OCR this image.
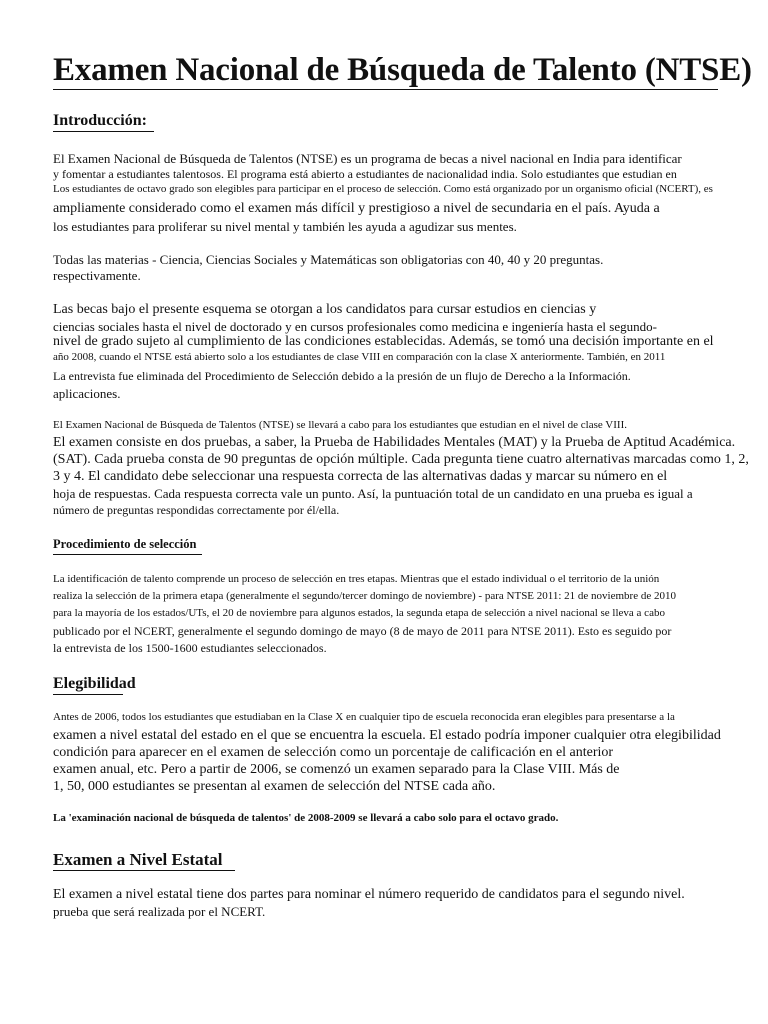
Examen Nacional de Búsqueda de Talento (NTSE)
Introducción:
El Examen Nacional de Búsqueda de Talentos (NTSE) es un programa de becas a nivel nacional en India para identificar
y fomentar a estudiantes talentosos. El programa está abierto a estudiantes de nacionalidad india. Solo estudiantes que estudian en
Los estudiantes de octavo grado son elegibles para participar en el proceso de selección. Como está organizado por un organismo oficial (NCERT), es
ampliamente considerado como el examen más difícil y prestigioso a nivel de secundaria en el país. Ayuda a
los estudiantes para proliferar su nivel mental y también les ayuda a agudizar sus mentes.
Todas las materias - Ciencia, Ciencias Sociales y Matemáticas son obligatorias con 40, 40 y 20 preguntas.
respectivamente.
Las becas bajo el presente esquema se otorgan a los candidatos para cursar estudios en ciencias y
ciencias sociales hasta el nivel de doctorado y en cursos profesionales como medicina e ingeniería hasta el segundo-
nivel de grado sujeto al cumplimiento de las condiciones establecidas. Además, se tomó una decisión importante en el
año 2008, cuando el NTSE está abierto solo a los estudiantes de clase VIII en comparación con la clase X anteriormente. También, en 2011
La entrevista fue eliminada del Procedimiento de Selección debido a la presión de un flujo de Derecho a la Información.
aplicaciones.
El Examen Nacional de Búsqueda de Talentos (NTSE) se llevará a cabo para los estudiantes que estudian en el nivel de clase VIII.
El examen consiste en dos pruebas, a saber, la Prueba de Habilidades Mentales (MAT) y la Prueba de Aptitud Académica.
(SAT). Cada prueba consta de 90 preguntas de opción múltiple. Cada pregunta tiene cuatro alternativas marcadas como 1, 2,
3 y 4. El candidato debe seleccionar una respuesta correcta de las alternativas dadas y marcar su número en el
hoja de respuestas. Cada respuesta correcta vale un punto. Así, la puntuación total de un candidato en una prueba es igual a
número de preguntas respondidas correctamente por él/ella.
Procedimiento de selección
La identificación de talento comprende un proceso de selección en tres etapas. Mientras que el estado individual o el territorio de la unión
realiza la selección de la primera etapa (generalmente el segundo/tercer domingo de noviembre) - para NTSE 2011: 21 de noviembre de 2010
para la mayoría de los estados/UTs, el 20 de noviembre para algunos estados, la segunda etapa de selección a nivel nacional se lleva a cabo
publicado por el NCERT, generalmente el segundo domingo de mayo (8 de mayo de 2011 para NTSE 2011). Esto es seguido por
la entrevista de los 1500-1600 estudiantes seleccionados.
Elegibilidad
Antes de 2006, todos los estudiantes que estudiaban en la Clase X en cualquier tipo de escuela reconocida eran elegibles para presentarse a la
examen a nivel estatal del estado en el que se encuentra la escuela. El estado podría imponer cualquier otra elegibilidad
condición para aparecer en el examen de selección como un porcentaje de calificación en el anterior
examen anual, etc. Pero a partir de 2006, se comenzó un examen separado para la Clase VIII. Más de
1, 50, 000 estudiantes se presentan al examen de selección del NTSE cada año.
La 'examinación nacional de búsqueda de talentos' de 2008-2009 se llevará a cabo solo para el octavo grado.
Examen a Nivel Estatal
El examen a nivel estatal tiene dos partes para nominar el número requerido de candidatos para el segundo nivel.
prueba que será realizada por el NCERT.
